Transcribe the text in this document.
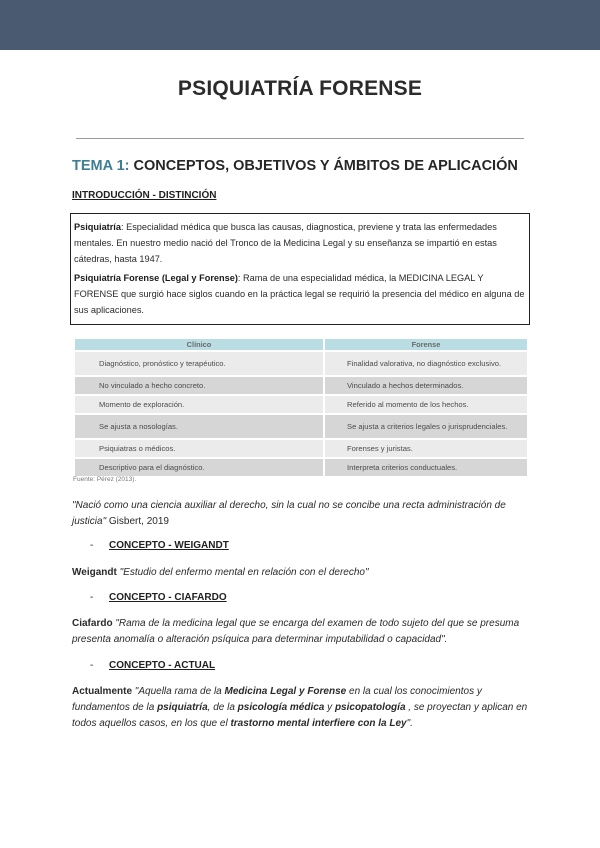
PSIQUIATRÍA FORENSE
TEMA 1: CONCEPTOS, OBJETIVOS Y ÁMBITOS DE APLICACIÓN
INTRODUCCIÓN - DISTINCIÓN

Psiquiatría: Especialidad médica que busca las causas, diagnostica, previene y trata las enfermedades mentales. En nuestro medio nació del Tronco de la Medicina Legal y su enseñanza se impartió en estas cátedras, hasta 1947.

Psiquiatría Forense (Legal y Forense): Rama de una especialidad médica, la MEDICINA LEGAL Y FORENSE que surgió hace siglos cuando en la práctica legal se requirió la presencia del médico en alguna de sus aplicaciones.

Clínico	Forense
Diagnóstico, pronóstico y terapéutico.	Finalidad valorativa, no diagnóstico exclusivo.
No vinculado a hecho concreto.	Vinculado a hechos determinados.
Momento de exploración.	Referido al momento de los hechos.
Se ajusta a nosologías.	Se ajusta a criterios legales o jurisprudenciales.
Psiquiatras o médicos.	Forenses y juristas.
Descriptivo para el diagnóstico.	Interpreta criterios conductuales.
Fuente: Pérez (2013).

"Nació como una ciencia auxiliar al derecho, sin la cual no se concibe una recta administración de justicia" Gisbert, 2019

- CONCEPTO - WEIGANDT

Weigandt "Estudio del enfermo mental en relación con el derecho"

- CONCEPTO - CIAFARDO

Ciafardo "Rama de la medicina legal que se encarga del examen de todo sujeto del que se presuma presenta anomalía o alteración psíquica para determinar imputabilidad o capacidad".

- CONCEPTO - ACTUAL

Actualmente "Aquella rama de la Medicina Legal y Forense en la cual los conocimientos y fundamentos de la psiquiatría, de la psicología médica y psicopatología , se proyectan y aplican en todos aquellos casos, en los que el trastorno mental interfiere con la Ley".
